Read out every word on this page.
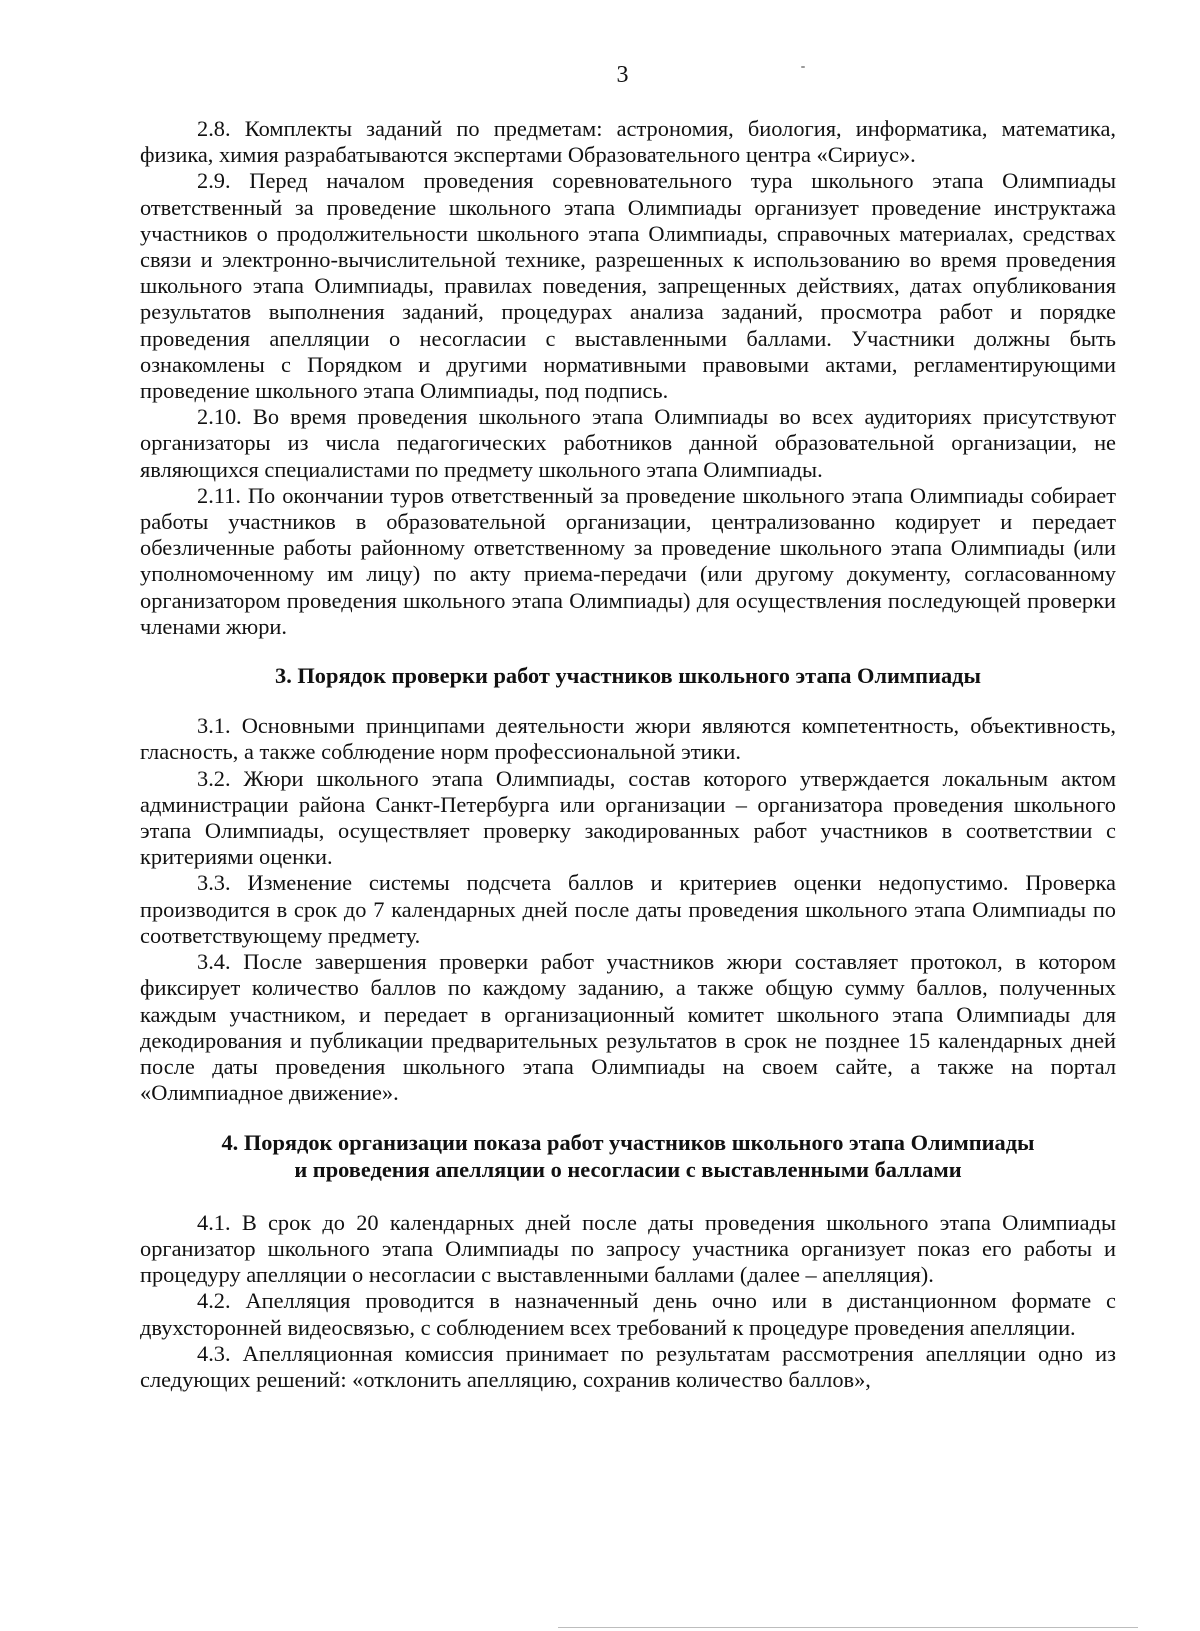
3

2.8. Комплекты заданий по предметам: астрономия, биология, информатика, математика, физика, химия разрабатываются экспертами Образовательного центра «Сириус».

2.9. Перед началом проведения соревновательного тура школьного этапа Олимпиады ответственный за проведение школьного этапа Олимпиады организует проведение инструктажа участников о продолжительности школьного этапа Олимпиады, справочных материалах, средствах связи и электронно-вычислительной технике, разрешенных к использованию во время проведения школьного этапа Олимпиады, правилах поведения, запрещенных действиях, датах опубликования результатов выполнения заданий, процедурах анализа заданий, просмотра работ и порядке проведения апелляции о несогласии с выставленными баллами. Участники должны быть ознакомлены с Порядком и другими нормативными правовыми актами, регламентирующими проведение школьного этапа Олимпиады, под подпись.

2.10. Во время проведения школьного этапа Олимпиады во всех аудиториях присутствуют организаторы из числа педагогических работников данной образовательной организации, не являющихся специалистами по предмету школьного этапа Олимпиады.

2.11. По окончании туров ответственный за проведение школьного этапа Олимпиады собирает работы участников в образовательной организации, централизованно кодирует и передает обезличенные работы районному ответственному за проведение школьного этапа Олимпиады (или уполномоченному им лицу) по акту приема-передачи (или другому документу, согласованному организатором проведения школьного этапа Олимпиады) для осуществления последующей проверки членами жюри.

3. Порядок проверки работ участников школьного этапа Олимпиады

3.1. Основными принципами деятельности жюри являются компетентность, объективность, гласность, а также соблюдение норм профессиональной этики.

3.2. Жюри школьного этапа Олимпиады, состав которого утверждается локальным актом администрации района Санкт-Петербурга или организации – организатора проведения школьного этапа Олимпиады, осуществляет проверку закодированных работ участников в соответствии с критериями оценки.

3.3. Изменение системы подсчета баллов и критериев оценки недопустимо. Проверка производится в срок до 7 календарных дней после даты проведения школьного этапа Олимпиады по соответствующему предмету.

3.4. После завершения проверки работ участников жюри составляет протокол, в котором фиксирует количество баллов по каждому заданию, а также общую сумму баллов, полученных каждым участником, и передает в организационный комитет школьного этапа Олимпиады для декодирования и публикации предварительных результатов в срок не позднее 15 календарных дней после даты проведения школьного этапа Олимпиады на своем сайте, а также на портал «Олимпиадное движение».

4. Порядок организации показа работ участников школьного этапа Олимпиады
и проведения апелляции о несогласии с выставленными баллами

4.1. В срок до 20 календарных дней после даты проведения школьного этапа Олимпиады организатор школьного этапа Олимпиады по запросу участника организует показ его работы и процедуру апелляции о несогласии с выставленными баллами (далее – апелляция).

4.2. Апелляция проводится в назначенный день очно или в дистанционном формате с двухсторонней видеосвязью, с соблюдением всех требований к процедуре проведения апелляции.

4.3. Апелляционная комиссия принимает по результатам рассмотрения апелляции одно из следующих решений: «отклонить апелляцию, сохранив количество баллов»,
